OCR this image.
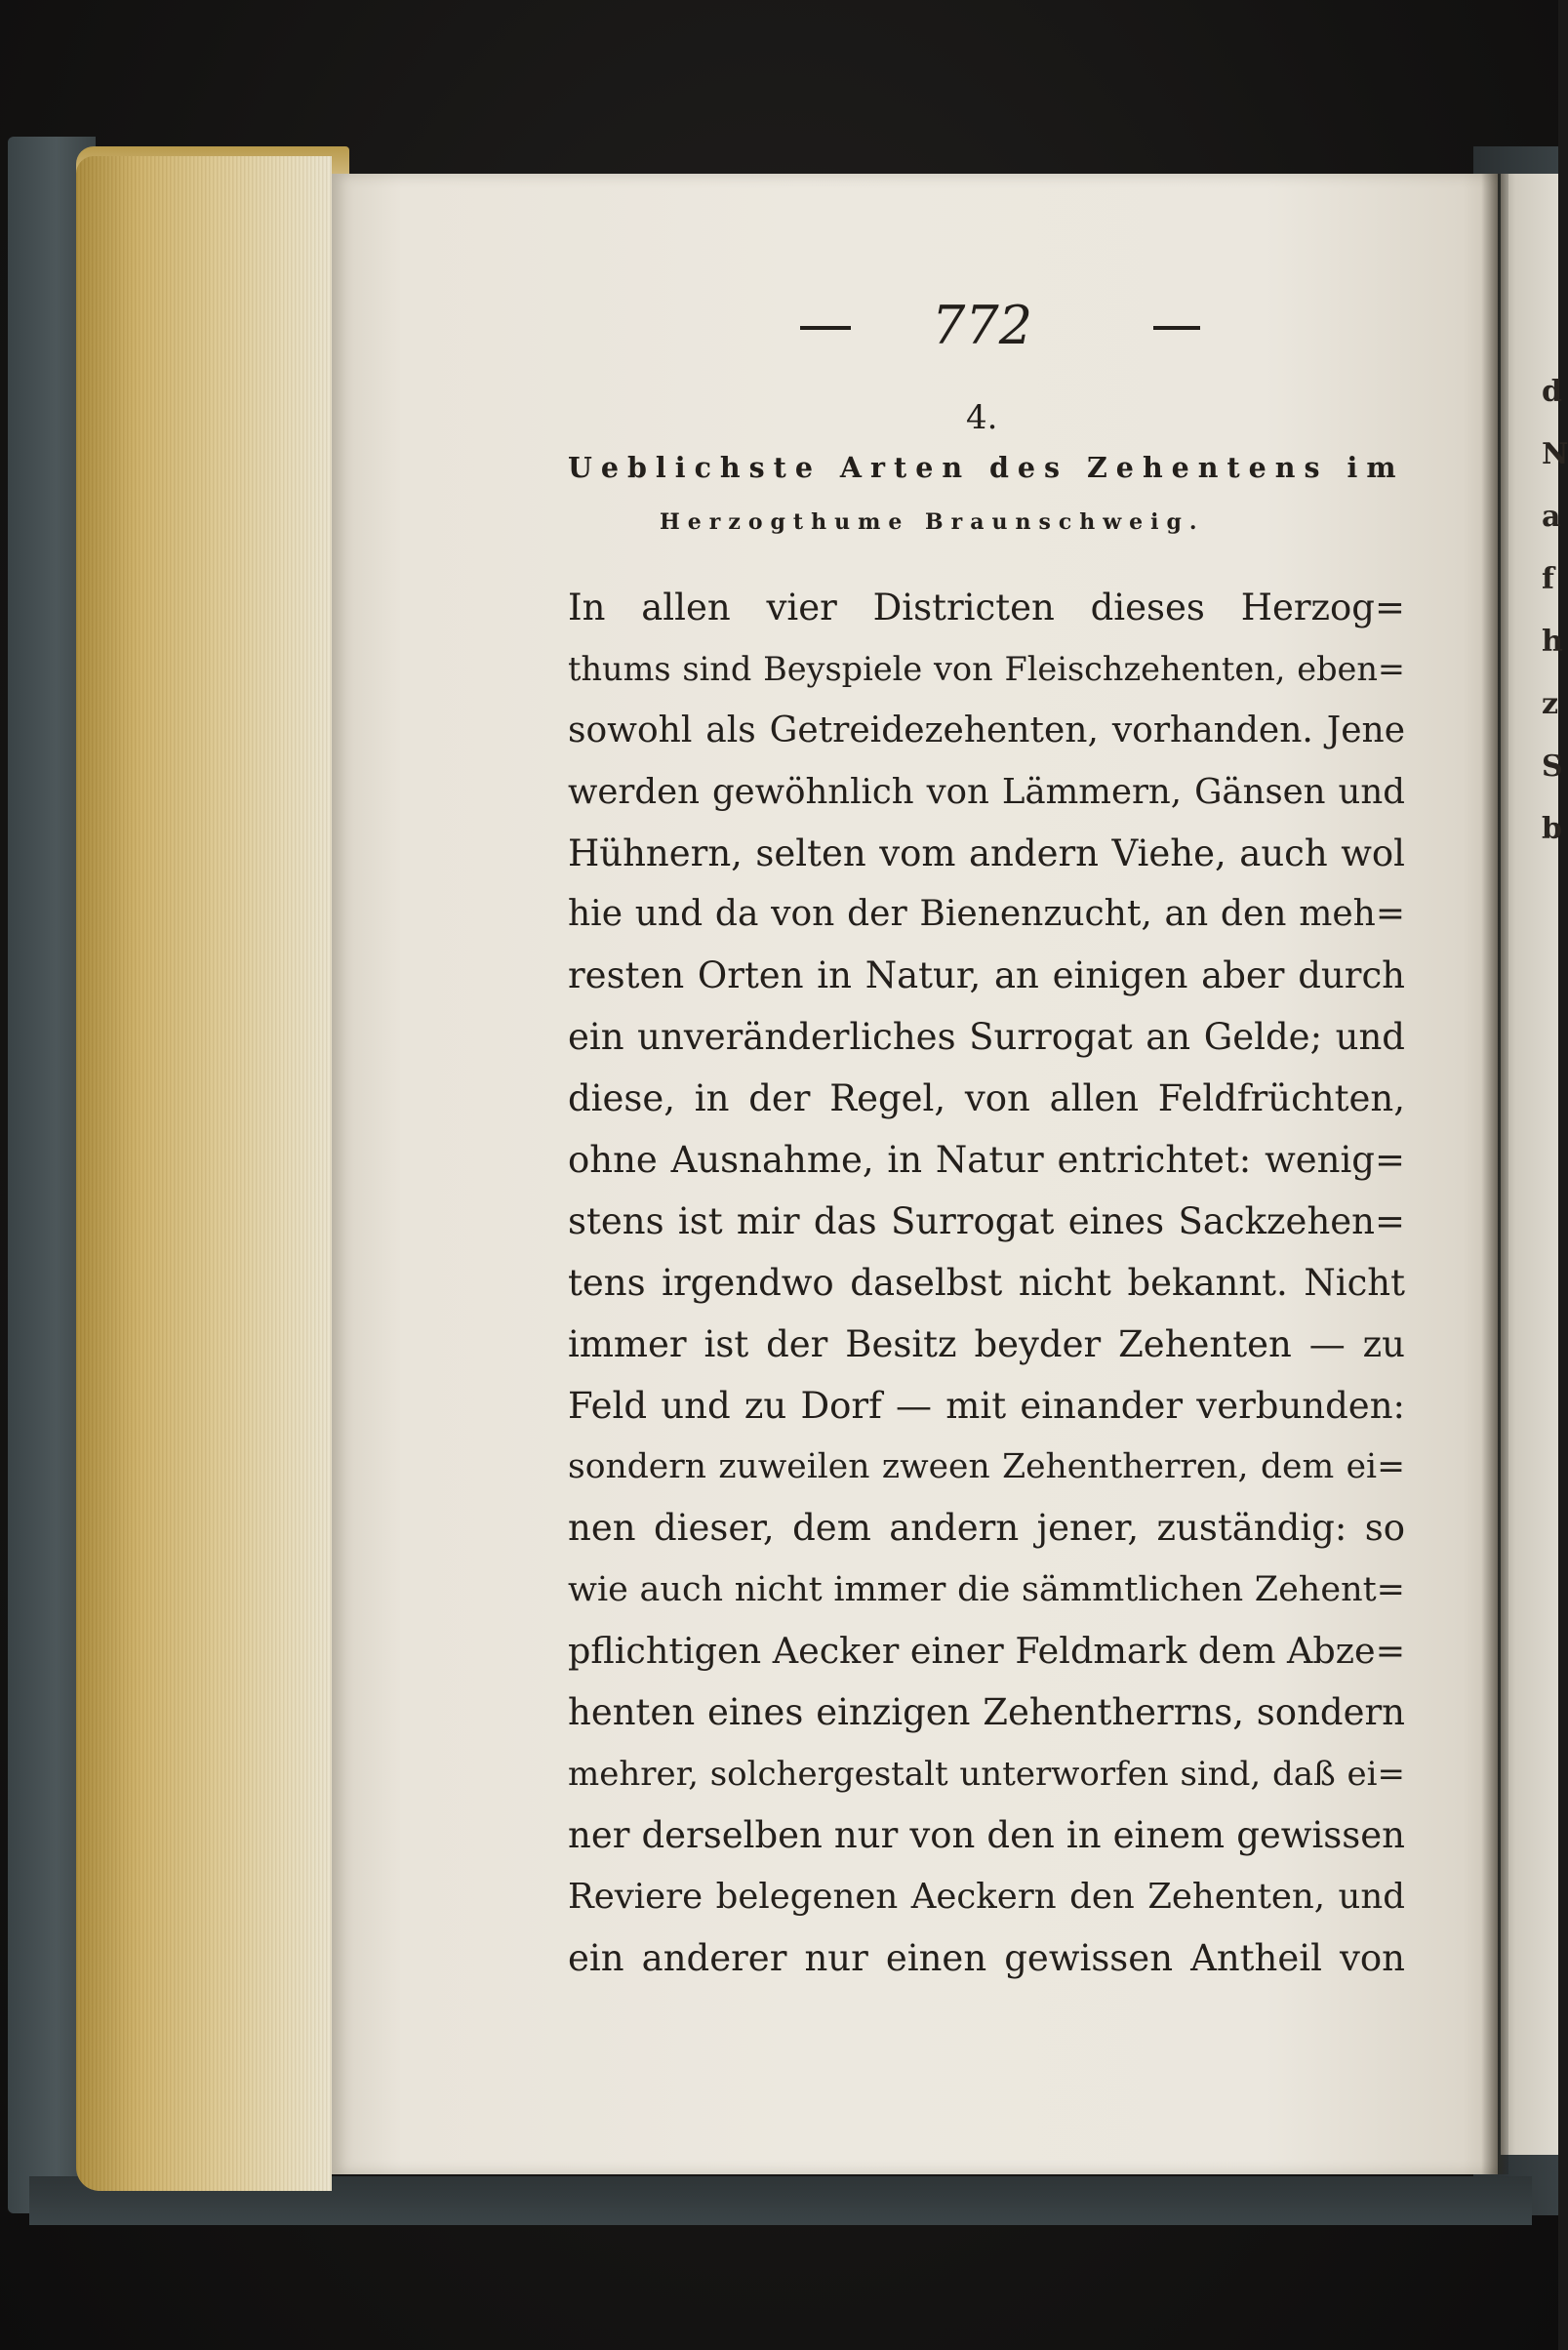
d
N
a
f
h
z
S
b
772
4.
Ueblichste Arten des Zehentens im
Herzogthume Braunschweig.
In allen vier Districten dieses Herzog=
thums sind Beyspiele von Fleischzehenten, eben=
sowohl als Getreidezehenten, vorhanden. Jene
werden gewöhnlich von Lämmern, Gänsen und
Hühnern, selten vom andern Viehe, auch wol
hie und da von der Bienenzucht, an den meh=
resten Orten in Natur, an einigen aber durch
ein unveränderliches Surrogat an Gelde; und
diese, in der Regel, von allen Feldfrüchten,
ohne Ausnahme, in Natur entrichtet: wenig=
stens ist mir das Surrogat eines Sackzehen=
tens irgendwo daselbst nicht bekannt. Nicht
immer ist der Besitz beyder Zehenten — zu
Feld und zu Dorf — mit einander verbunden:
sondern zuweilen zween Zehentherren, dem ei=
nen dieser, dem andern jener, zuständig: so
wie auch nicht immer die sämmtlichen Zehent=
pflichtigen Aecker einer Feldmark dem Abze=
henten eines einzigen Zehentherrns, sondern
mehrer, solchergestalt unterworfen sind, daß ei=
ner derselben nur von den in einem gewissen
Reviere belegenen Aeckern den Zehenten, und
ein anderer nur einen gewissen Antheil von
